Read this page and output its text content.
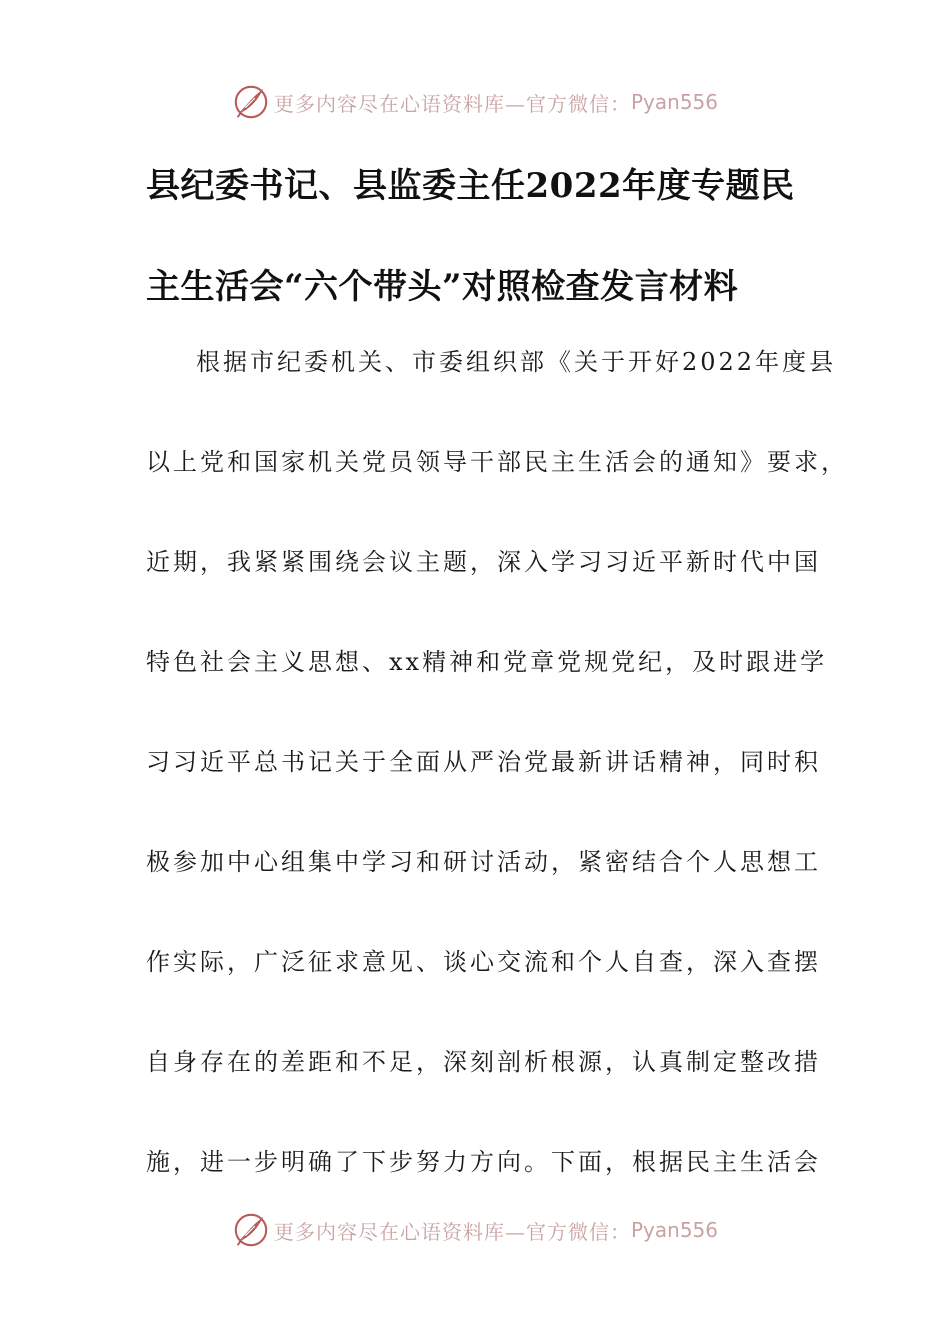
更多内容尽在心语资料库—官方微信： Pyan556
县纪委书记、县监委主任2022年度专题民
主生活会“六个带头”对照检查发言材料
根据市纪委机关、市委组织部《关于开好2022年度县
以上党和国家机关党员领导干部民主生活会的通知》要求，
近期，我紧紧围绕会议主题，深入学习习近平新时代中国
特色社会主义思想、xx精神和党章党规党纪，及时跟进学
习习近平总书记关于全面从严治党最新讲话精神，同时积
极参加中心组集中学习和研讨活动，紧密结合个人思想工
作实际，广泛征求意见、谈心交流和个人自查，深入查摆
自身存在的差距和不足，深刻剖析根源，认真制定整改措
施，进一步明确了下步努力方向。下面，根据民主生活会
更多内容尽在心语资料库—官方微信： Pyan556
